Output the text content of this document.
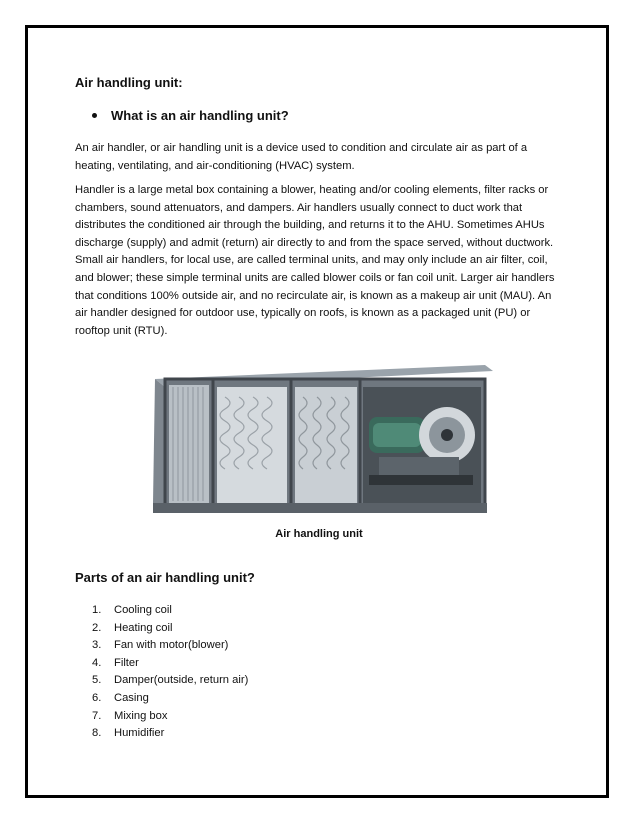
Air handling unit:
What is an air handling unit?

An air handler, or air handling unit is a device used to condition and circulate air as part of a heating, ventilating, and air-conditioning (HVAC) system.

Handler is a large metal box containing a blower, heating and/or cooling elements, filter racks or chambers, sound attenuators, and dampers. Air handlers usually connect to duct work that distributes the conditioned air through the building, and returns it to the AHU. Sometimes AHUs discharge (supply) and admit (return) air directly to and from the space served, without ductwork. Small air handlers, for local use, are called terminal units, and may only include an air filter, coil, and blower; these simple terminal units are called blower coils or fan coil unit. Larger air handlers that conditions 100% outside air, and no recirculate air, is known as a makeup air unit (MAU). An air handler designed for outdoor use, typically on roofs, is known as a packaged unit (PU) or rooftop unit (RTU).

Air handling unit
Parts of an air handling unit?
1.	Cooling coil
2.	Heating coil
3.	Fan with motor(blower)
4.	Filter
5.	Damper(outside, return air)
6.	Casing
7.	Mixing box
8.	Humidifier
